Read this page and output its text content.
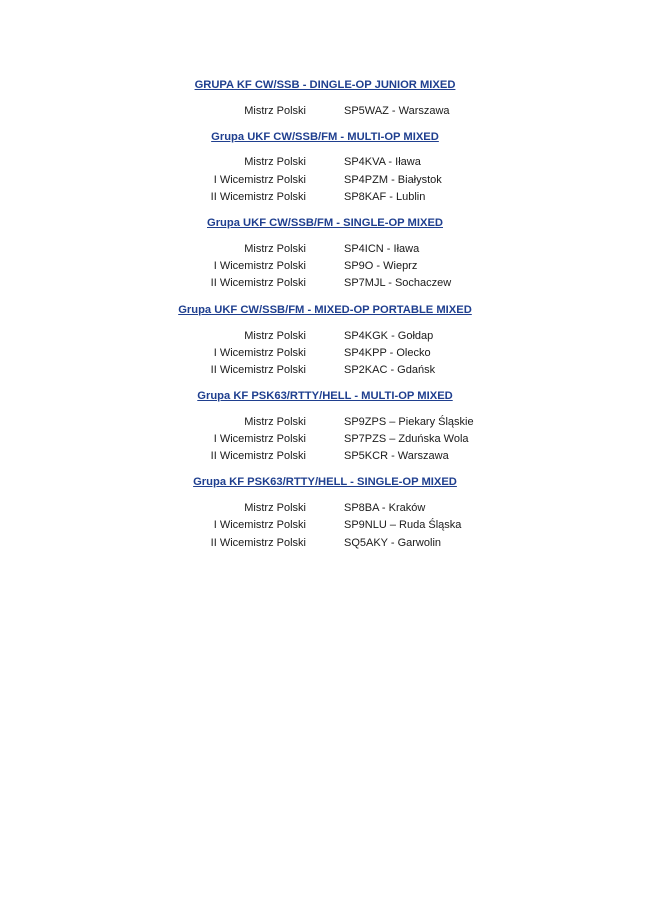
GRUPA KF CW/SSB - DINGLE-OP JUNIOR MIXED
Mistrz Polski	SP5WAZ - Warszawa
Grupa UKF CW/SSB/FM - MULTI-OP MIXED
Mistrz Polski	SP4KVA - Iława
I Wicemistrz Polski	SP4PZM - Białystok
II Wicemistrz Polski	SP8KAF - Lublin
Grupa UKF CW/SSB/FM - SINGLE-OP MIXED
Mistrz Polski	SP4ICN - Iława
I Wicemistrz Polski	SP9O - Wieprz
II Wicemistrz Polski	SP7MJL - Sochaczew
Grupa UKF CW/SSB/FM - MIXED-OP PORTABLE MIXED
Mistrz Polski	SP4KGK - Gołdap
I Wicemistrz Polski	SP4KPP - Olecko
II Wicemistrz Polski	SP2KAC - Gdańsk
Grupa KF PSK63/RTTY/HELL - MULTI-OP MIXED
Mistrz Polski	SP9ZPS – Piekary Śląskie
I Wicemistrz Polski	SP7PZS – Zduńska Wola
II Wicemistrz Polski	SP5KCR - Warszawa
Grupa KF PSK63/RTTY/HELL - SINGLE-OP MIXED
Mistrz Polski	SP8BA - Kraków
I Wicemistrz Polski	SP9NLU – Ruda Śląska
II Wicemistrz Polski	SQ5AKY - Garwolin
